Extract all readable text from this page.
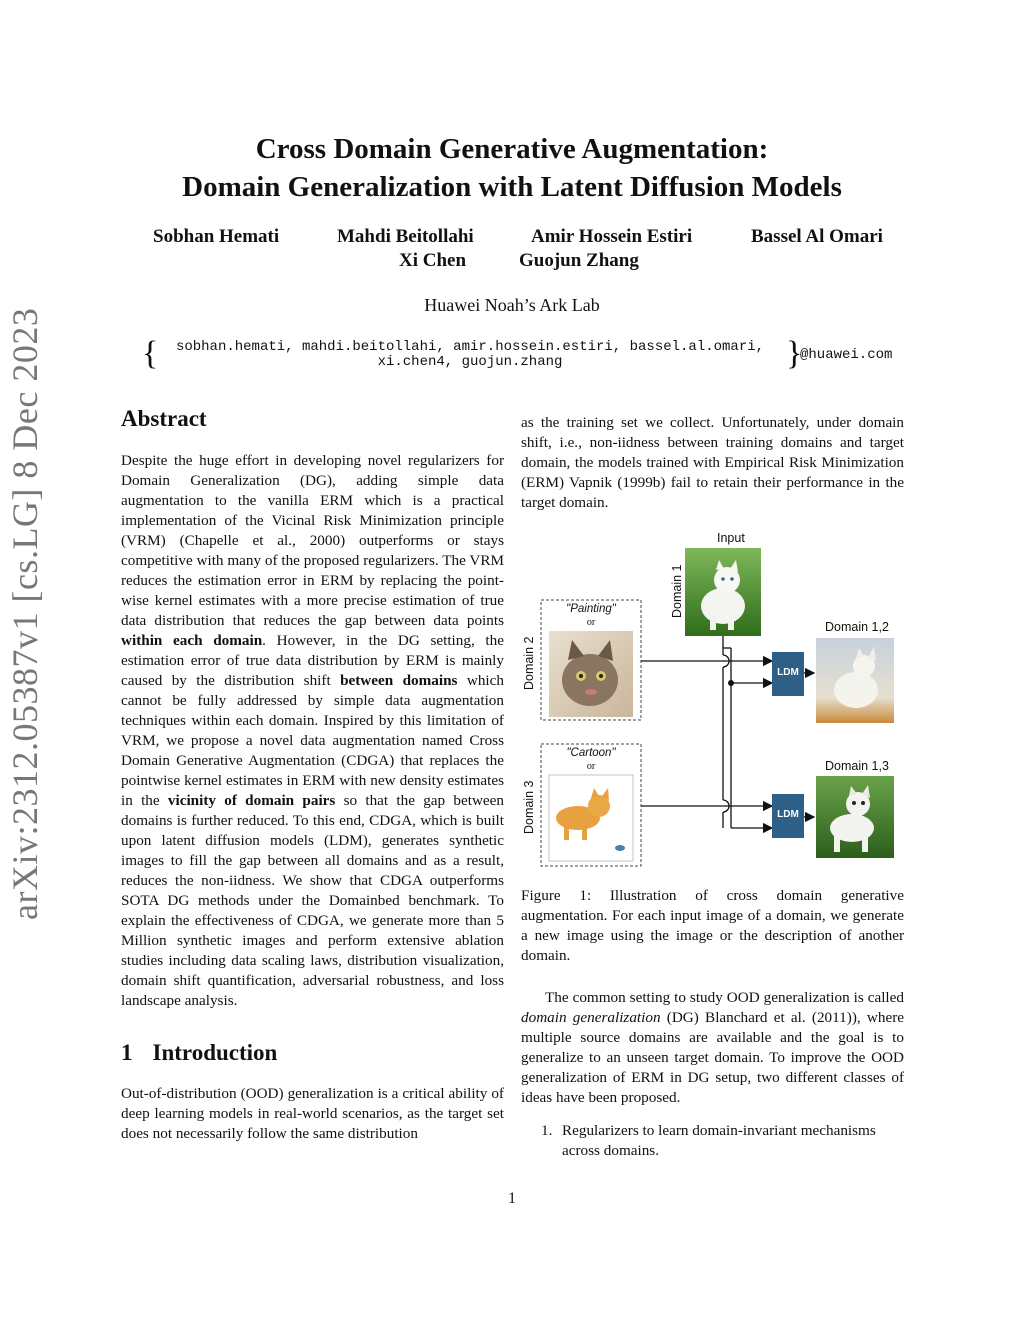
Cross Domain Generative Augmentation:
Domain Generalization with Latent Diffusion Models
Sobhan Hemati	Mahdi Beitollahi	Amir Hossein Estiri	Bassel Al Omari
Xi Chen	Guojun Zhang
Huawei Noah’s Ark Lab
{	sobhan.hemati, mahdi.beitollahi, amir.hossein.estiri, bassel.al.omari,
xi.chen4, guojun.zhang	}
@huawei.com
arXiv:2312.05387v1 [cs.LG] 8 Dec 2023	Abstract

Despite the huge effort in developing novel regularizers for Domain Generalization (DG), adding simple data augmentation to the vanilla ERM which is a practical implementation of the Vicinal Risk Minimization principle (VRM) (Chapelle et al., 2000) outperforms or stays competitive with many of the proposed regularizers. The VRM reduces the estimation error in ERM by replacing the point-wise kernel estimates with a more precise estimation of true data distribution that reduces the gap between data points within each domain. However, in the DG setting, the estimation error of true data distribution by ERM is mainly caused by the distribution shift between domains which cannot be fully addressed by simple data augmentation techniques within each domain. Inspired by this limitation of VRM, we propose a novel data augmentation named Cross Domain Generative Augmentation (CDGA) that replaces the pointwise kernel estimates in ERM with new density estimates in the vicinity of domain pairs so that the gap between domains is further reduced. To this end, CDGA, which is built upon latent diffusion models (LDM), generates synthetic images to fill the gap between all domains and as a result, reduces the non-iidness. We show that CDGA outperforms SOTA DG methods under the Domainbed benchmark. To explain the effectiveness of CDGA, we generate more than 5 Million synthetic images and perform extensive ablation studies including data scaling laws, distribution visualization, domain shift quantification, adversarial robustness, and loss landscape analysis.

1 Introduction
Out-of-distribution (OOD) generalization is a critical ability of deep learning models in real-world scenarios, as the target set does not necessarily follow the same distribution
as the training set we collect. Unfortunately, under domain shift, i.e., non-iidness between training domains and target domain, the models trained with Empirical Risk Minimization (ERM) Vapnik (1999b) fail to retain their performance in the target domain.
Input
Domain 1
Domain 2
Domain 3
"Painting"
or
"Cartoon"
or
LDM
LDM
Domain 1,2
Domain 1,3
Figure 1: Illustration of cross domain generative augmentation. For each input image of a domain, we generate a new image using the image or the description of another domain.

The common setting to study OOD generalization is called domain generalization (DG) Blanchard et al. (2011)), where multiple source domains are available and the goal is to generalize to an unseen target domain. To improve the OOD generalization of ERM in DG setup, two different classes of ideas have been proposed.

1. Regularizers to learn domain-invariant mechanisms across domains.
1
